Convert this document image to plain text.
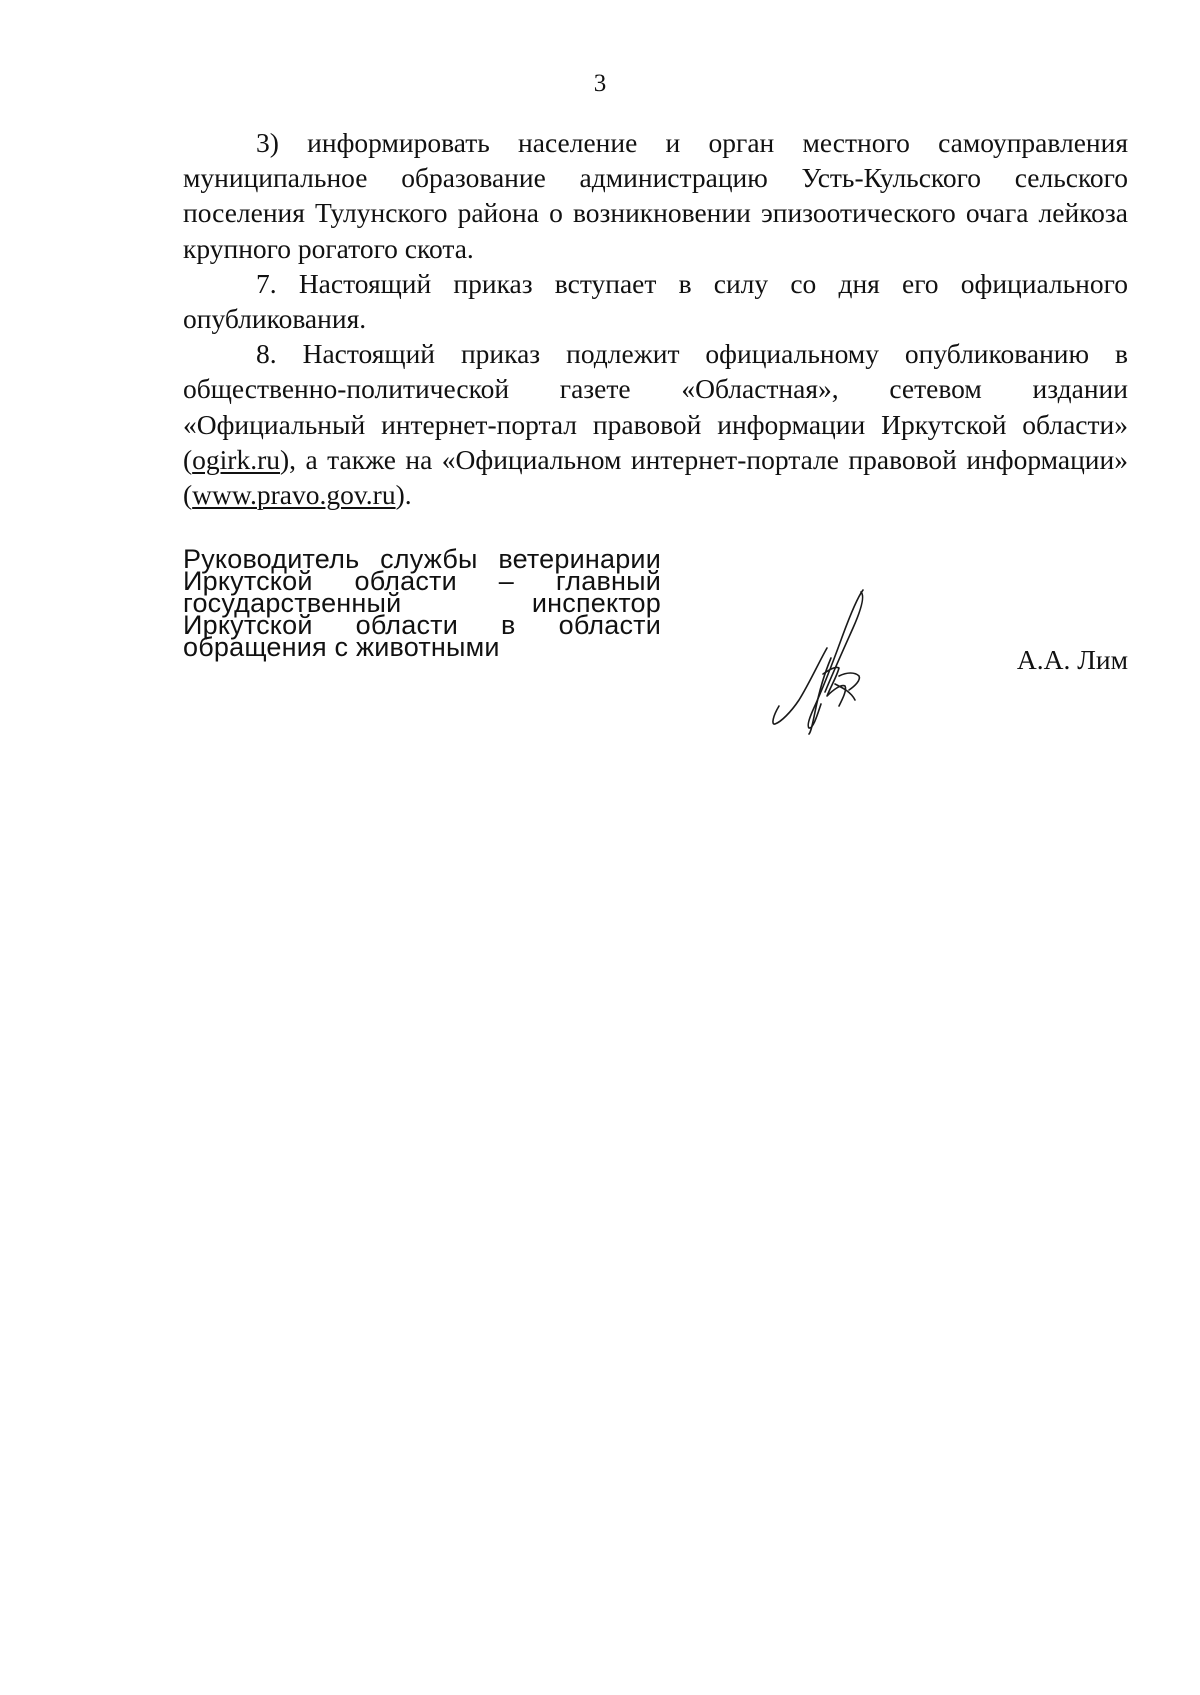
3

3) информировать население и орган местного самоуправления муниципальное образование администрацию Усть-Кульского сельского поселения Тулунского района о возникновении эпизоотического очага лейкоза крупного рогатого скота.

7. Настоящий приказ вступает в силу со дня его официального опубликования.

8. Настоящий приказ подлежит официальному опубликованию в общественно-политической газете «Областная», сетевом издании «Официальный интернет-портал правовой информации Иркутской области» (ogirk.ru), а также на «Официальном интернет-портале правовой информации» (www.pravo.gov.ru).

Руководитель службы ветеринарии
Иркутской области – главный
государственный инспектор
Иркутской области в области
обращения с животными	А.А. Лим
